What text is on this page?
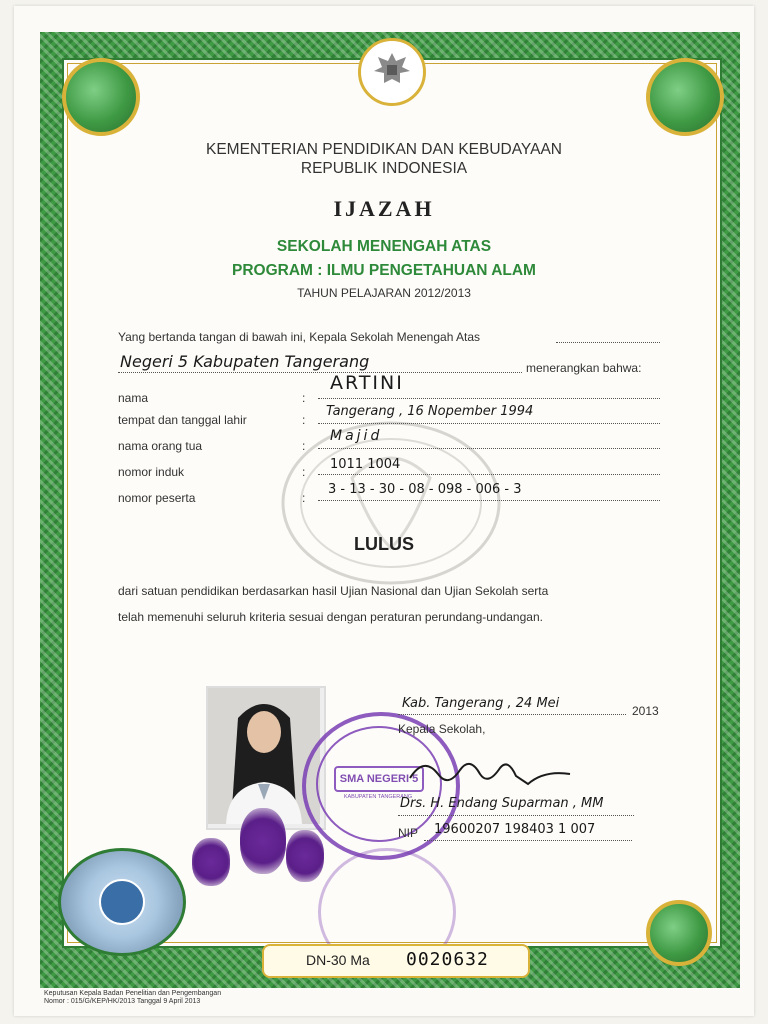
KEMENTERIAN PENDIDIKAN DAN KEBUDAYAAN
REPUBLIK INDONESIA
IJAZAH
SEKOLAH MENENGAH ATAS
PROGRAM : ILMU PENGETAHUAN ALAM
TAHUN PELAJARAN 2012/2013
Yang bertanda tangan di bawah ini, Kepala Sekolah Menengah Atas
Negeri 5 Kabupaten Tangerang	menerangkan bahwa:
nama	:
ARTINI
tempat dan tanggal lahir	:
Tangerang , 16 Nopember 1994
nama orang tua	:
Majid
nomor induk	: 1011 1004
nomor peserta	:
3 - 13 - 30 - 08 - 098 - 006 - 3
LULUS
dari satuan pendidikan berdasarkan hasil Ujian Nasional dan Ujian Sekolah serta
telah memenuhi seluruh kriteria sesuai dengan peraturan perundang-undangan.
SMA NEGERI 5
KABUPATEN TANGERANG
Kab. Tangerang , 24 Mei	2013
Kepala Sekolah,
Drs. H. Endang Suparman , MM
NIP 19600207 198403 1 007
DN-30 Ma 0020632
Keputusan Kepala Badan Penelitian dan Pengembangan
Nomor : 015/G/KEP/HK/2013 Tanggal 9 April 2013
